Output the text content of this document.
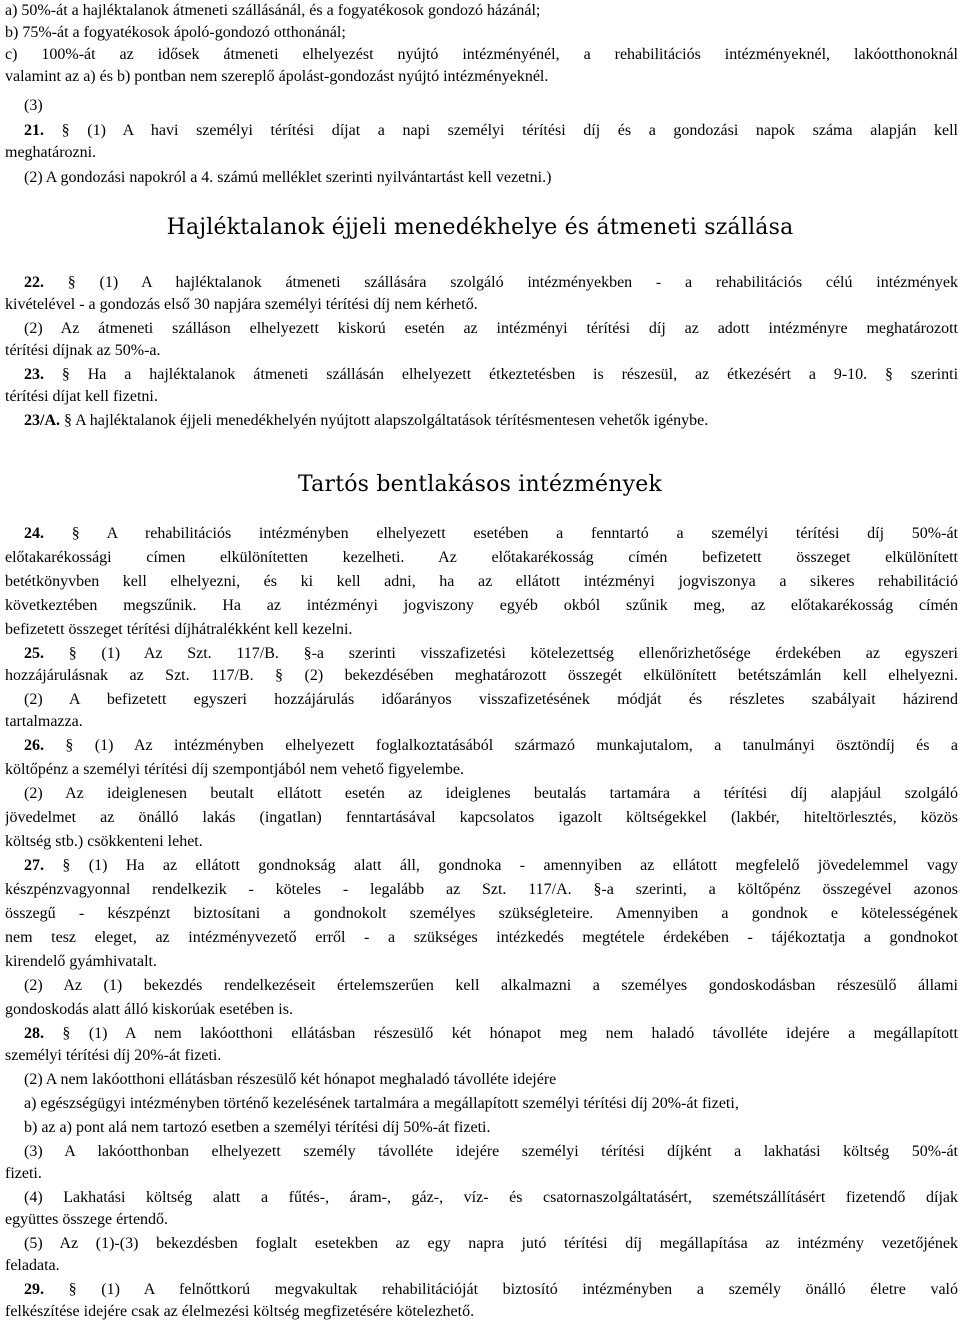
a) 50%-át a hajléktalanok átmeneti szállásánál, és a fogyatékosok gondozó házánál;
b) 75%-át a fogyatékosok ápoló-gondozó otthonánál;
c) 100%-át az idősek átmeneti elhelyezést nyújtó intézményénél, a rehabilitációs intézményeknél, lakóotthonoknál
valamint az a) és b) pontban nem szereplő ápolást-gondozást nyújtó intézményeknél.
(3)
21. § (1) A havi személyi térítési díjat a napi személyi térítési díj és a gondozási napok száma alapján kell
meghatározni.
(2) A gondozási napokról a 4. számú melléklet szerinti nyilvántartást kell vezetni.)
Hajléktalanok éjjeli menedékhelye és átmeneti szállása
22. § (1) A hajléktalanok átmeneti szállására szolgáló intézményekben - a rehabilitációs célú intézmények
kivételével - a gondozás első 30 napjára személyi térítési díj nem kérhető.
(2) Az átmeneti szálláson elhelyezett kiskorú esetén az intézményi térítési díj az adott intézményre meghatározott
térítési díjnak az 50%-a.
23. § Ha a hajléktalanok átmeneti szállásán elhelyezett étkeztetésben is részesül, az étkezésért a 9-10. § szerinti
térítési díjat kell fizetni.
23/A. § A hajléktalanok éjjeli menedékhelyén nyújtott alapszolgáltatások térítésmentesen vehetők igénybe.
Tartós bentlakásos intézmények
24. § A rehabilitációs intézményben elhelyezett esetében a fenntartó a személyi térítési díj 50%-át
előtakarékossági címen elkülönítetten kezelheti. Az előtakarékosság címén befizetett összeget elkülönített
betétkönyvben kell elhelyezni, és ki kell adni, ha az ellátott intézményi jogviszonya a sikeres rehabilitáció
következtében megszűnik. Ha az intézményi jogviszony egyéb okból szűnik meg, az előtakarékosság címén
befizetett összeget térítési díjhátralékként kell kezelni.
25. § (1) Az Szt. 117/B. §-a szerinti visszafizetési kötelezettség ellenőrizhetősége érdekében az egyszeri
hozzájárulásnak az Szt. 117/B. § (2) bekezdésében meghatározott összegét elkülönített betétszámlán kell elhelyezni.
(2) A befizetett egyszeri hozzájárulás időarányos visszafizetésének módját és részletes szabályait házirend
tartalmazza.
26. § (1) Az intézményben elhelyezett foglalkoztatásából származó munkajutalom, a tanulmányi ösztöndíj és a
költőpénz a személyi térítési díj szempontjából nem vehető figyelembe.
(2) Az ideiglenesen beutalt ellátott esetén az ideiglenes beutalás tartamára a térítési díj alapjául szolgáló
jövedelmet az önálló lakás (ingatlan) fenntartásával kapcsolatos igazolt költségekkel (lakbér, hiteltörlesztés, közös
költség stb.) csökkenteni lehet.
27. § (1) Ha az ellátott gondnokság alatt áll, gondnoka - amennyiben az ellátott megfelelő jövedelemmel vagy
készpénzvagyonnal rendelkezik - köteles - legalább az Szt. 117/A. §-a szerinti, a költőpénz összegével azonos
összegű - készpénzt biztosítani a gondnokolt személyes szükségleteire. Amennyiben a gondnok e kötelességének
nem tesz eleget, az intézményvezető erről - a szükséges intézkedés megtétele érdekében - tájékoztatja a gondnokot
kirendelő gyámhivatalt.
(2) Az (1) bekezdés rendelkezéseit értelemszerűen kell alkalmazni a személyes gondoskodásban részesülő állami
gondoskodás alatt álló kiskorúak esetében is.
28. § (1) A nem lakóotthoni ellátásban részesülő két hónapot meg nem haladó távolléte idejére a megállapított
személyi térítési díj 20%-át fizeti.
(2) A nem lakóotthoni ellátásban részesülő két hónapot meghaladó távolléte idejére
a) egészségügyi intézményben történő kezelésének tartalmára a megállapított személyi térítési díj 20%-át fizeti,
b) az a) pont alá nem tartozó esetben a személyi térítési díj 50%-át fizeti.
(3) A lakóotthonban elhelyezett személy távolléte idejére személyi térítési díjként a lakhatási költség 50%-át
fizeti.
(4) Lakhatási költség alatt a fűtés-, áram-, gáz-, víz- és csatornaszolgáltatásért, szemétszállításért fizetendő díjak
együttes összege értendő.
(5) Az (1)-(3) bekezdésben foglalt esetekben az egy napra jutó térítési díj megállapítása az intézmény vezetőjének
feladata.
29. § (1) A felnőttkorú megvakultak rehabilitációját biztosító intézményben a személy önálló életre való
felkészítése idejére csak az élelmezési költség megfizetésére kötelezhető.
